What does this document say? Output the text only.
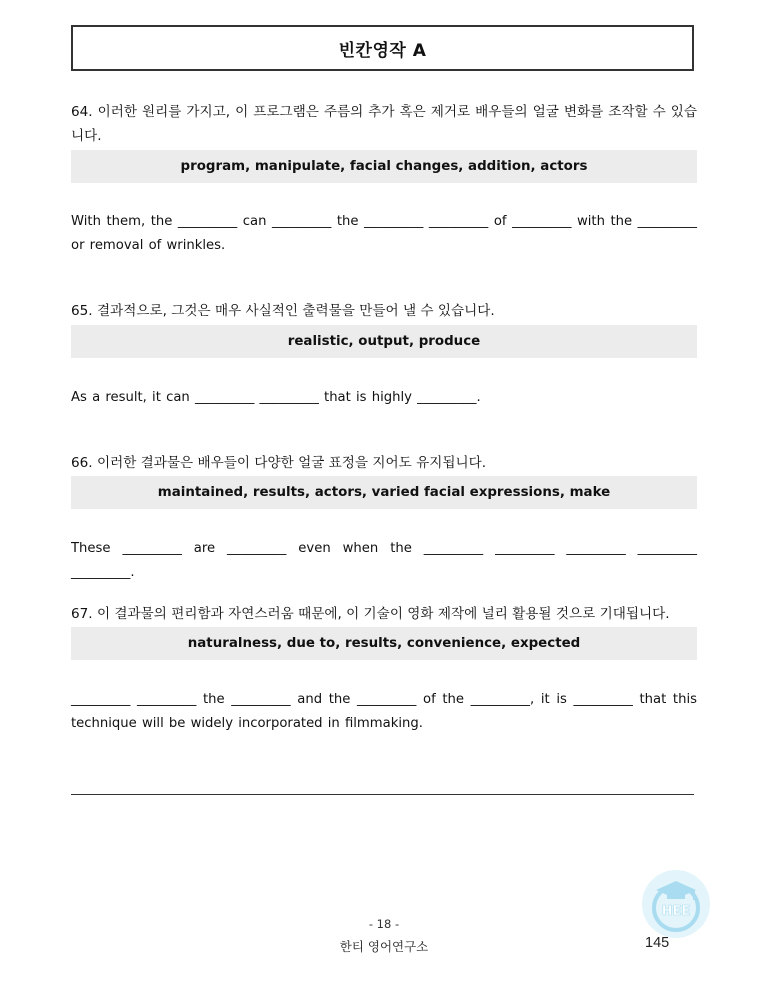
빈칸영작 A
64. 이러한 원리를 가지고, 이 프로그램은 주름의 추가 혹은 제거로 배우들의 얼굴 변화를 조작할 수 있습니다.
program, manipulate, facial changes, addition, actors
With them, the _________ can _________ the _________ _________ of _________ with the _________ or removal of wrinkles.
65. 결과적으로, 그것은 매우 사실적인 출력물을 만들어 낼 수 있습니다.
realistic, output, produce
As a result, it can _________ _________ that is highly _________.
66. 이러한 결과물은 배우들이 다양한 얼굴 표정을 지어도 유지됩니다.
maintained, results, actors, varied facial expressions, make
These _________ are _________ even when the _________ _________ _________ _________ _________.
67. 이 결과물의 편리함과 자연스러움 때문에, 이 기술이 영화 제작에 널리 활용될 것으로 기대됩니다.
naturalness, due to, results, convenience, expected
_________ _________ the _________ and the _________ of the _________, it is _________ that this technique will be widely incorporated in filmmaking.
HEE
- 18 -
한티 영어연구소	145
